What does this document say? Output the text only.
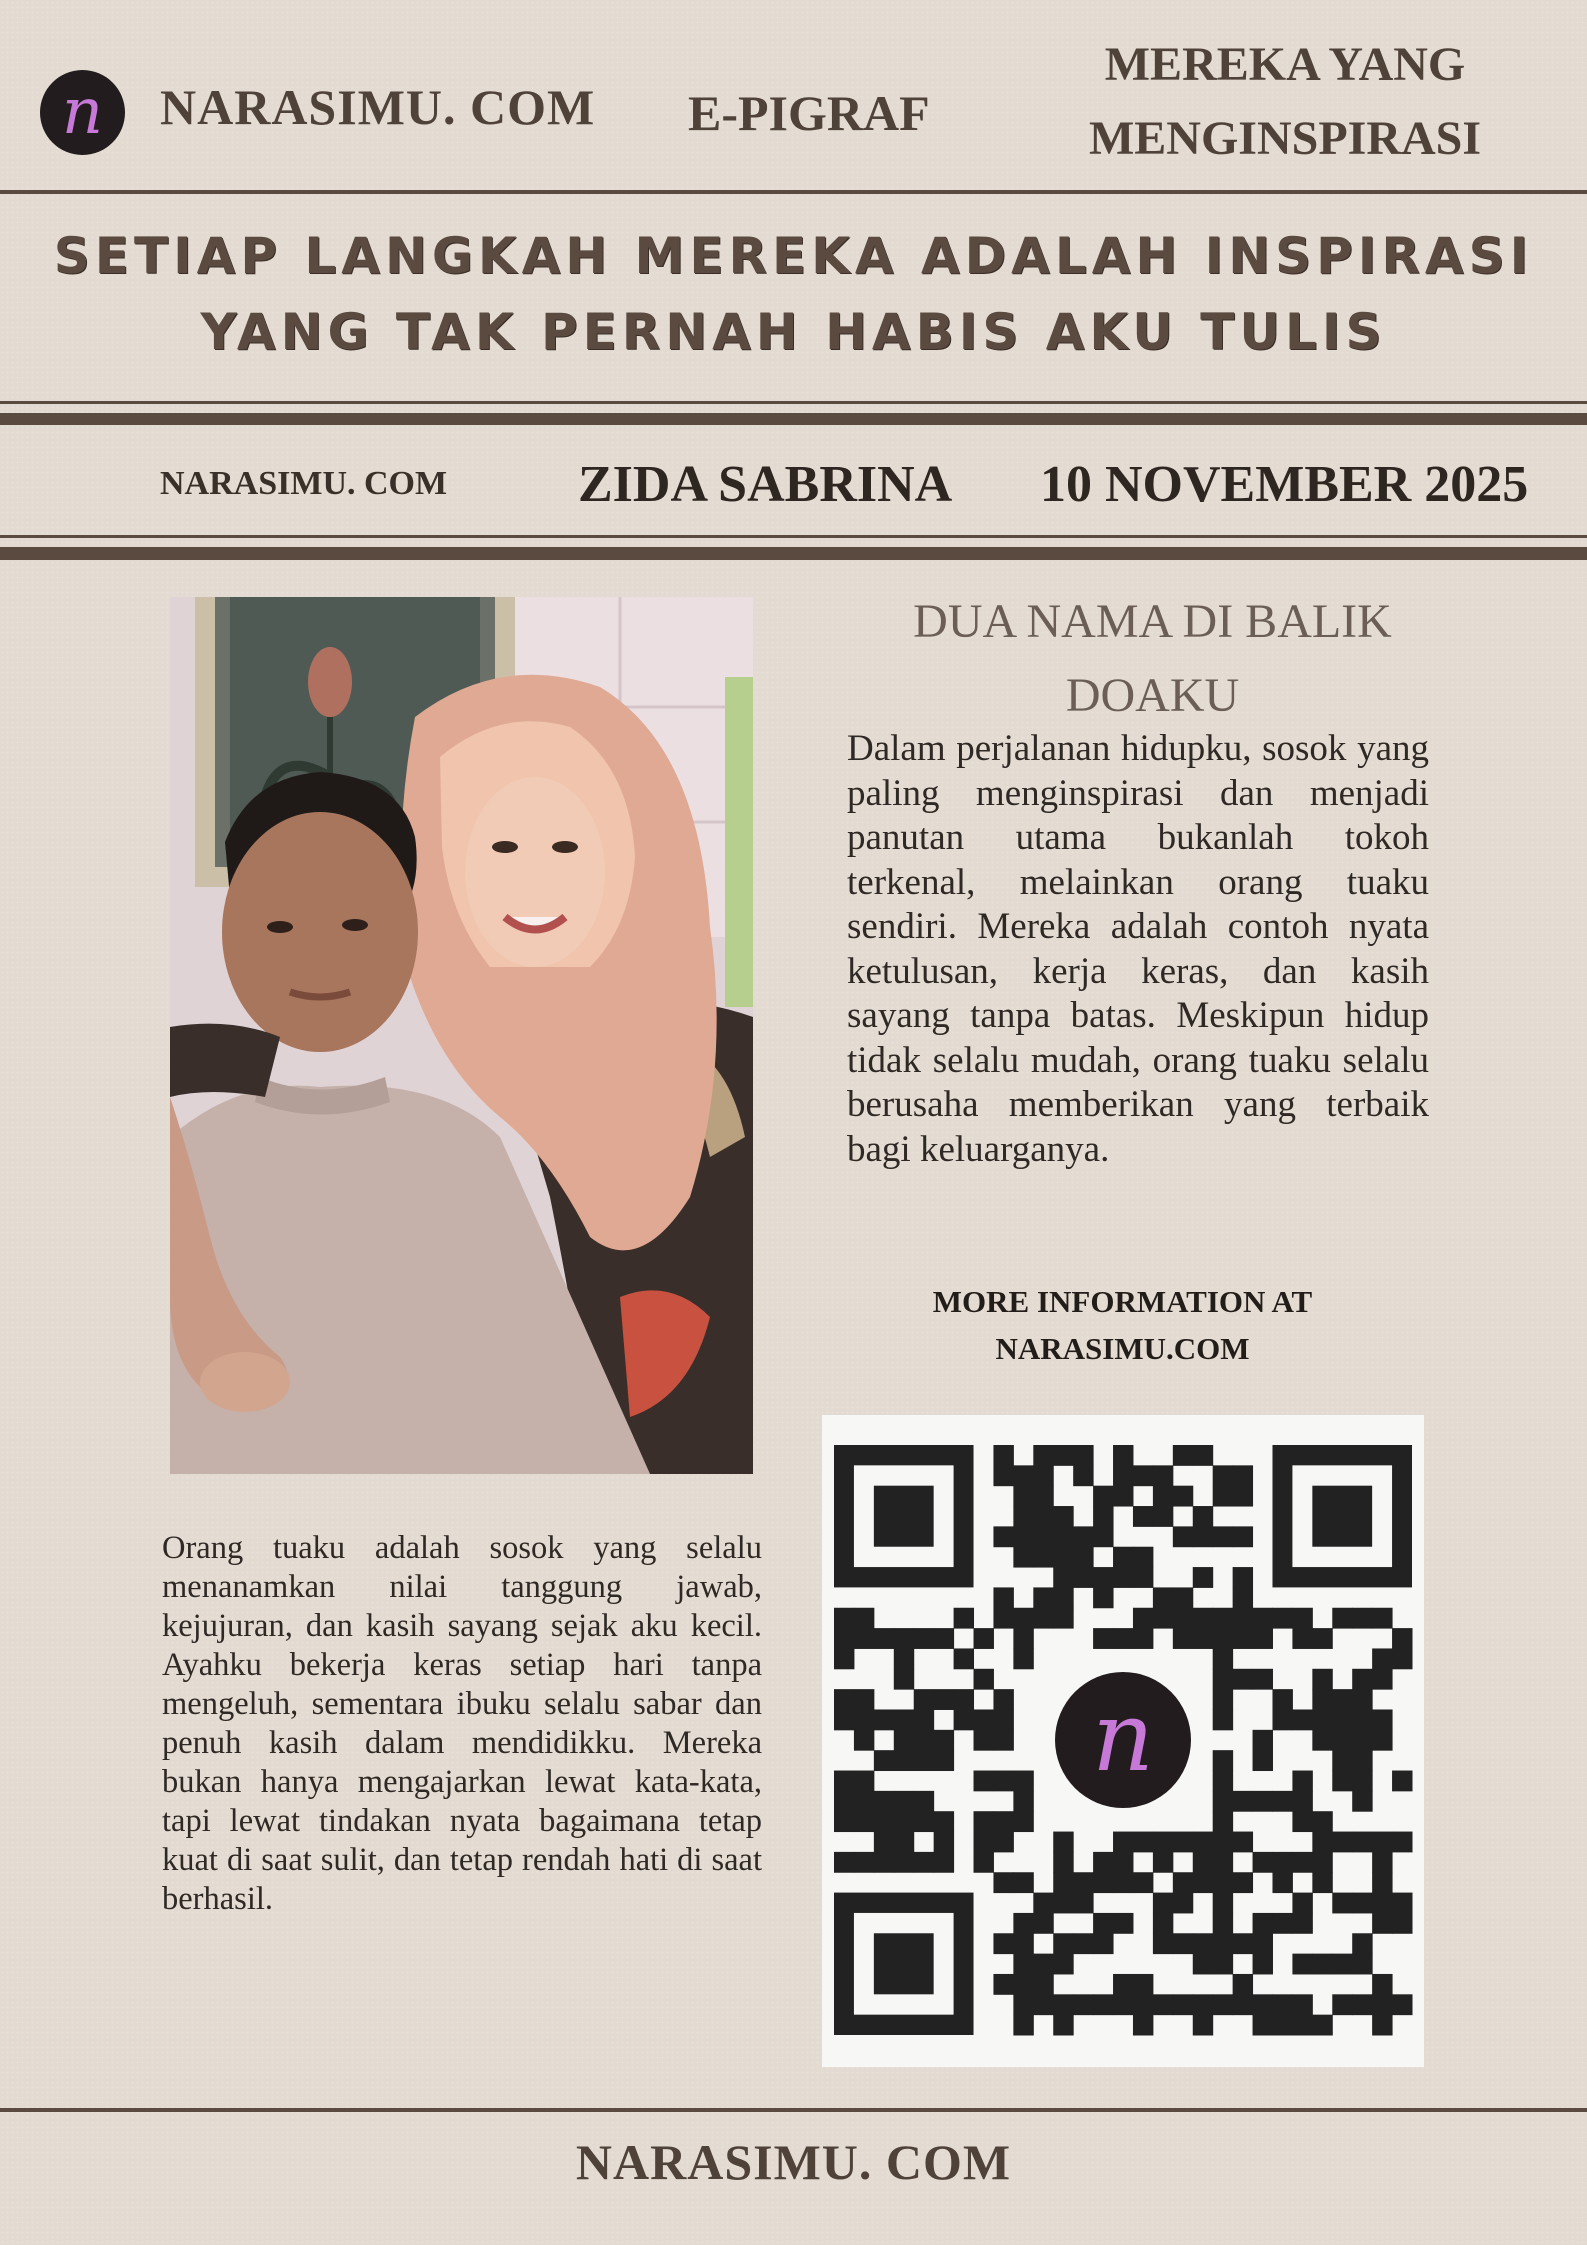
n	NARASIMU. COM E-PIGRAF
MEREKA YANG
MENGINSPIRASI
SETIAP LANGKAH MEREKA ADALAH INSPIRASI
YANG TAK PERNAH HABIS AKU TULIS
NARASIMU. COM	ZIDA SABRINA 10 NOVEMBER 2025
DUA NAMA DI BALIK
DOAKU
Dalam perjalanan hidupku, sosok yang paling menginspirasi dan menjadi panutan utama bukanlah tokoh terkenal, melainkan orang tuaku sendiri. Mereka adalah contoh nyata ketulusan, kerja keras, dan kasih sayang tanpa batas. Meskipun hidup tidak selalu mudah, orang tuaku selalu berusaha memberikan yang terbaik bagi keluarganya.
MORE INFORMATION AT
NARASIMU.COM
Orang tuaku adalah sosok yang selalu menanamkan nilai tanggung jawab, kejujuran, dan kasih sayang sejak aku kecil. Ayahku bekerja keras setiap hari tanpa mengeluh, sementara ibuku selalu sabar dan penuh kasih dalam mendidikku. Mereka bukan hanya mengajarkan lewat kata-kata, tapi lewat tindakan nyata bagaimana tetap kuat di saat sulit, dan tetap rendah hati di saat berhasil.
n
NARASIMU. COM
